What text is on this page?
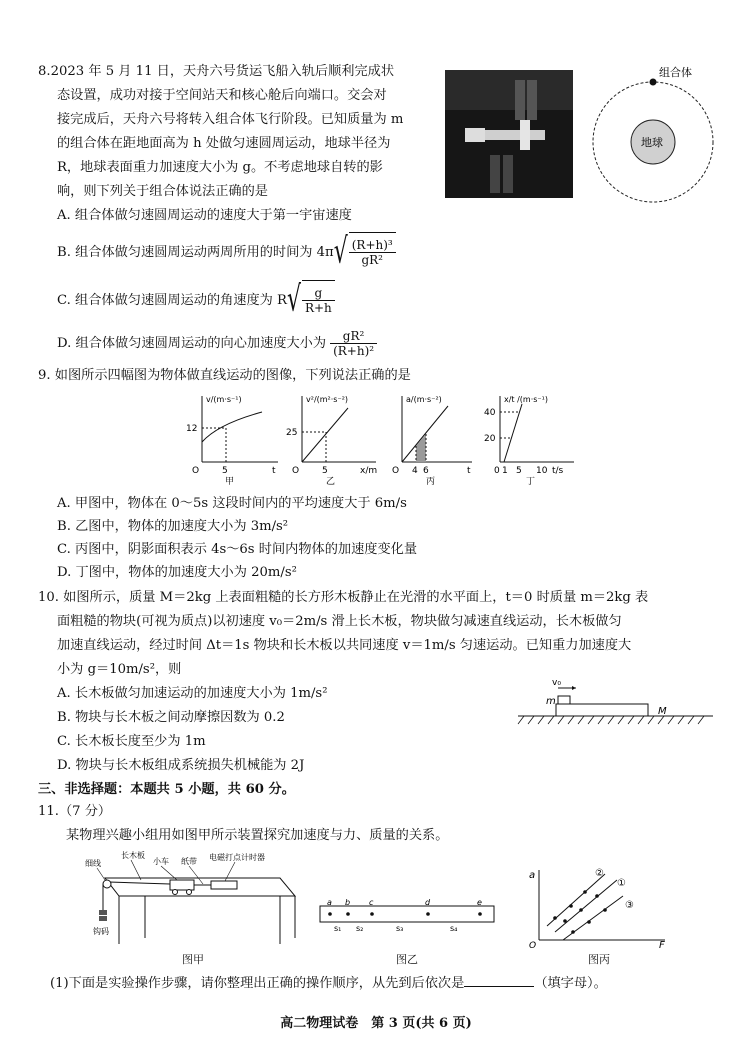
8.2023 年 5 月 11 日，天舟六号货运飞船入轨后顺利完成状
态设置，成功对接于空间站天和核心舱后向端口。交会对
接完成后，天舟六号将转入组合体飞行阶段。已知质量为 m
的组合体在距地面高为 h 处做匀速圆周运动，地球半径为
R，地球表面重力加速度大小为 g。不考虑地球自转的影
响，则下列关于组合体说法正确的是
A. 组合体做匀速圆周运动的速度大于第一宇宙速度
B. 组合体做匀速圆周运动两周所用的时间为 $4\pi√ \frac{\text{(R+h)³}}{\text{gR²}}$
C. 组合体做匀速圆周运动的角速度为 $R√ \frac{g}{R+h}$
D. 组合体做匀速圆周运动的向心加速度大小为 $\frac{\text{gR²}}{\text{(R+h)²}}$
组合体
地球
9. 如图所示四幅图为物体做直线运动的图像，下列说法正确的是
v/(m·s⁻¹)
12
5
O	t
甲
v²/(m²·s⁻²)
25
5
O	x/m
乙
a/(m·s⁻²)
O 4 6	t
丙
x/t /(m·s⁻¹)
40
20
0 1 5 10 t/s
丁
A. 甲图中，物体在 0～5s 这段时间内的平均速度大于 6m/s
B. 乙图中，物体的加速度大小为 3m/s²
C. 丙图中，阴影面积表示 4s～6s 时间内物体的加速度变化量
D. 丁图中，物体的加速度大小为 20m/s²
10. 如图所示，质量 M＝2kg 上表面粗糙的长方形木板静止在光滑的水平面上，t＝0 时质量 m＝2kg 表
面粗糙的物块(可视为质点)以初速度 v₀＝2m/s 滑上长木板，物块做匀减速直线运动，长木板做匀
加速直线运动，经过时间 Δt＝1s 物块和长木板以共同速度 v＝1m/s 匀速运动。已知重力加速度大
小为 g＝10m/s²，则
A. 长木板做匀加速运动的加速度大小为 1m/s²
B. 物块与长木板之间动摩擦因数为 0.2
C. 长木板长度至少为 1m
D. 物块与长木板组成系统损失机械能为 2J
v₀
m
M
三、非选择题：本题共 5 小题，共 60 分。
11.（7 分）
某物理兴趣小组用如图甲所示装置探究加速度与力、质量的关系。
细线
长木板
小车 纸带 电磁打点计时器
钩码
图甲
a b c	d	e
s₁ s₂	s₃	s₄
图乙
a
F
O
②
①
③
图丙
(1)下面是实验操作步骤，请你整理出正确的操作顺序，从先到后依次是	（填字母）。
高二物理试卷　第 3 页(共 6 页)
